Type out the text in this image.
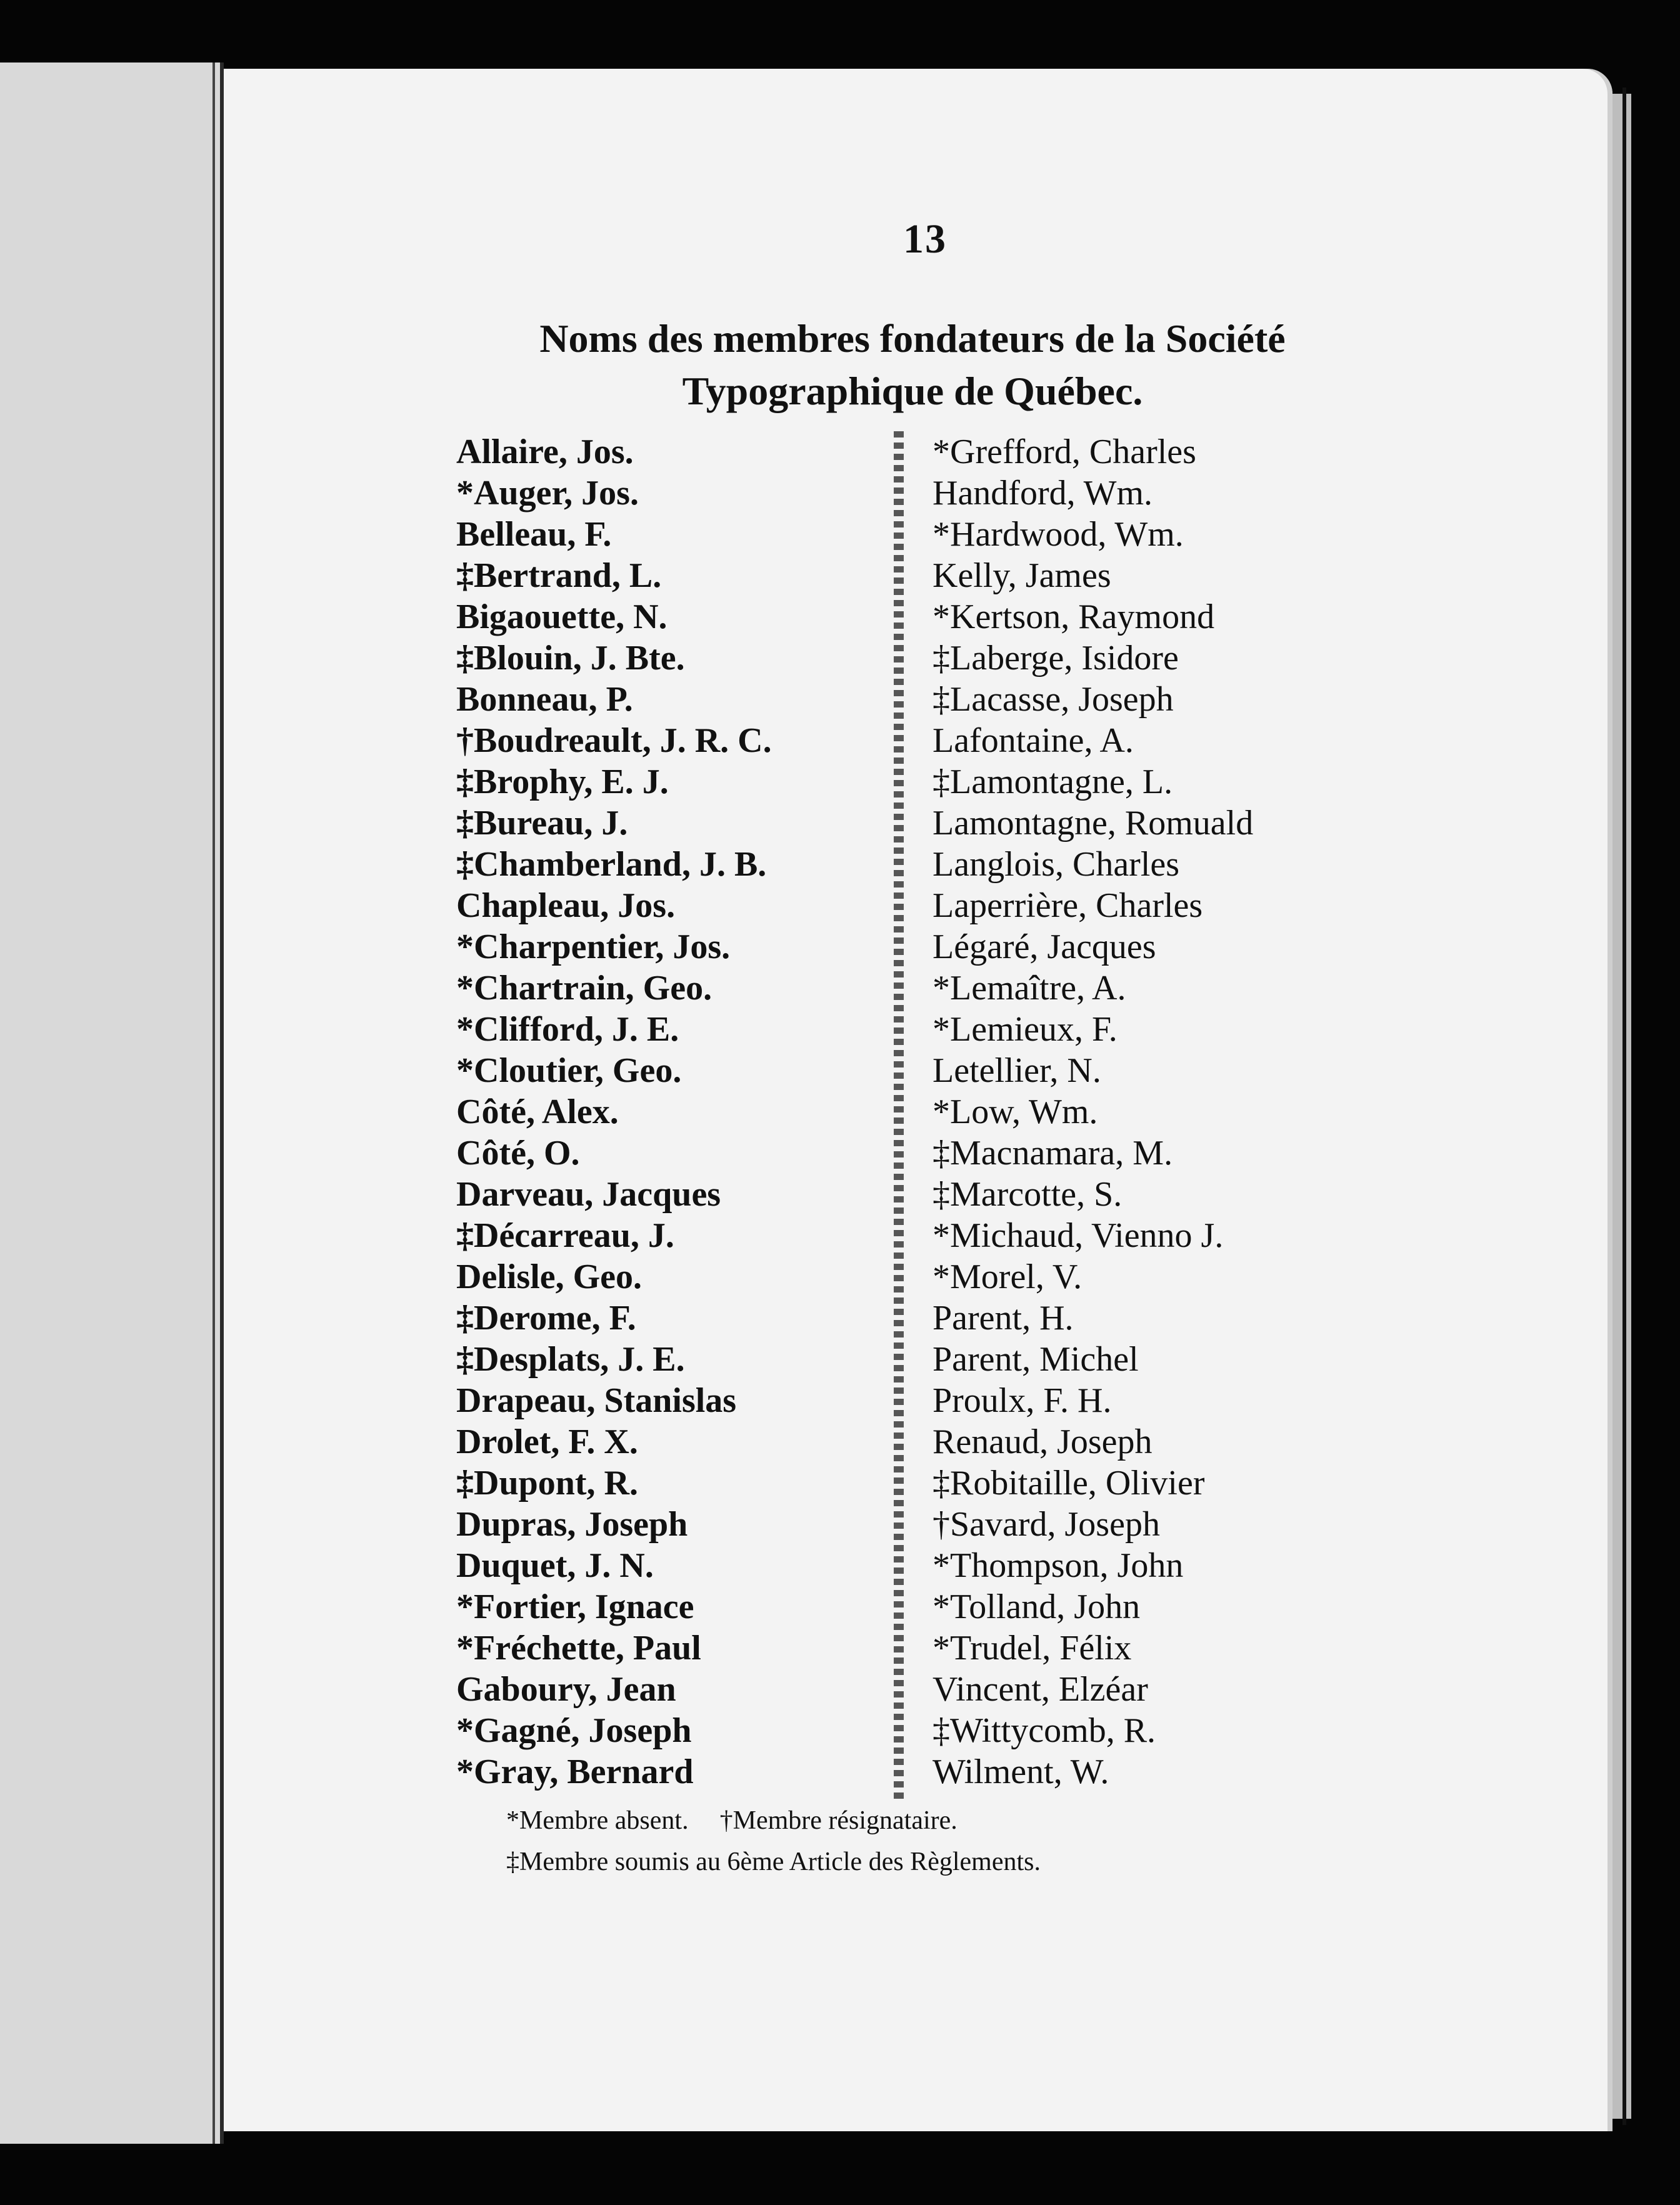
13
Noms des membres fondateurs de la Société
Typographique de Québec.
Allaire, Jos.
*Auger, Jos.
Belleau, F.
‡Bertrand, L.
Bigaouette, N.
‡Blouin, J. Bte.
Bonneau, P.
†Boudreault, J. R. C.
‡Brophy, E. J.
‡Bureau, J.
‡Chamberland, J. B.
Chapleau, Jos.
*Charpentier, Jos.
*Chartrain, Geo.
*Clifford, J. E.
*Cloutier, Geo.
Côté, Alex.
Côté, O.
Darveau, Jacques
‡Décarreau, J.
Delisle, Geo.
‡Derome, F.
‡Desplats, J. E.
Drapeau, Stanislas
Drolet, F. X.
‡Dupont, R.
Dupras, Joseph
Duquet, J. N.
*Fortier, Ignace
*Fréchette, Paul
Gaboury, Jean
*Gagné, Joseph
*Gray, Bernard
*Grefford, Charles
Handford, Wm.
*Hardwood, Wm.
Kelly, James
*Kertson, Raymond
‡Laberge, Isidore
‡Lacasse, Joseph
Lafontaine, A.
‡Lamontagne, L.
Lamontagne, Romuald
Langlois, Charles
Laperrière, Charles
Légaré, Jacques
*Lemaître, A.
*Lemieux, F.
Letellier, N.
*Low, Wm.
‡Macnamara, M.
‡Marcotte, S.
*Michaud, Vienno J.
*Morel, V.
Parent, H.
Parent, Michel
Proulx, F. H.
Renaud, Joseph
‡Robitaille, Olivier
†Savard, Joseph
*Thompson, John
*Tolland, John
*Trudel, Félix
Vincent, Elzéar
‡Wittycomb, R.
Wilment, W.
*Membre absent. †Membre résignataire.
‡Membre soumis au 6ème Article des Règlements.
